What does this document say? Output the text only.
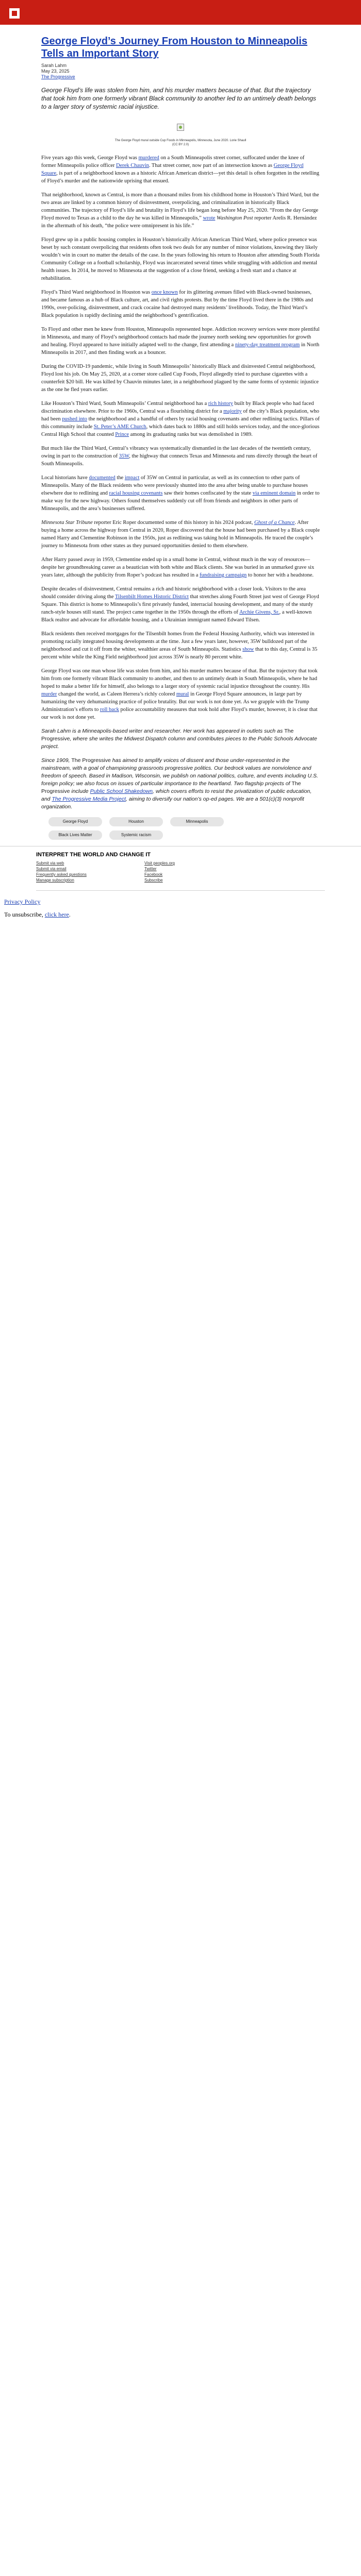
George Floyd’s Journey From Houston to Minneapolis Tells an Important Story
Sarah Lahm
May 23, 2025
The Progressive

George Floyd’s life was stolen from him, and his murder matters because of that. But the trajectory that took him from one formerly vibrant Black community to another led to an untimely death belongs to a larger story of systemic racial injustice.

The George Floyd mural outside Cup Foods in Minneapolis, Minnesota, June 2020. Lorie Shaull (CC BY 2.0)

Five years ago this week, George Floyd was murdered on a South Minneapolis street corner, suffocated under the knee of former Minneapolis police officer Derek Chauvin. That street corner, now part of an intersection known as George Floyd Square, is part of a neighborhood known as a historic African American district—yet this detail is often forgotten in the retelling of Floyd’s murder and the nationwide uprising that ensued.

That neighborhood, known as Central, is more than a thousand miles from his childhood home in Houston’s Third Ward, but the two areas are linked by a common history of disinvestment, overpolicing, and criminalization in historically Black communities. The trajectory of Floyd’s life and brutality in Floyd’s life began long before May 25, 2020. “From the day George Floyd moved to Texas as a child to the day he was killed in Minneapolis,” wrote Washington Post reporter Arelis R. Hernández in the aftermath of his death, “the police were omnipresent in his life.”

Floyd grew up in a public housing complex in Houston’s historically African American Third Ward, where police presence was beset by such constant overpolicing that residents often took two deals for any number of minor violations, knowing they likely wouldn’t win in court no matter the details of the case. In the years following his return to Houston after attending South Florida Community College on a football scholarship, Floyd was incarcerated several times while struggling with addiction and mental health issues. In 2014, he moved to Minnesota at the suggestion of a close friend, seeking a fresh start and a chance at rehabilitation.

Floyd’s Third Ward neighborhood in Houston was once known for its glittering avenues filled with Black-owned businesses, and became famous as a hub of Black culture, art, and civil rights protests. But by the time Floyd lived there in the 1980s and 1990s, over-policing, disinvestment, and crack cocaine had destroyed many residents’ livelihoods. Today, the Third Ward’s Black population is rapidly declining amid the neighborhood’s gentrification.

To Floyd and other men he knew from Houston, Minneapolis represented hope. Addiction recovery services were more plentiful in Minnesota, and many of Floyd’s neighborhood contacts had made the journey north seeking new opportunities for growth and healing. Floyd appeared to have initially adapted well to the change, first attending a ninety-day treatment program in North Minneapolis in 2017, and then finding work as a bouncer.

During the COVID-19 pandemic, while living in South Minneapolis’ historically Black and disinvested Central neighborhood, Floyd lost his job. On May 25, 2020, at a corner store called Cup Foods, Floyd allegedly tried to purchase cigarettes with a counterfeit $20 bill. He was killed by Chauvin minutes later, in a neighborhood plagued by the same forms of systemic injustice as the one he fled years earlier.

Like Houston’s Third Ward, South Minneapolis’ Central neighborhood has a rich history built by Black people who had faced discrimination elsewhere. Prior to the 1960s, Central was a flourishing district for a majority of the city’s Black population, who had been pushed into the neighborhood and a handful of others by racial housing covenants and other redlining tactics. Pillars of this community include St. Peter’s AME Church, which dates back to 1880s and still holds services today, and the once-glorious Central High School that counted Prince among its graduating ranks but was demolished in 1989.

But much like the Third Ward, Central’s vibrancy was systematically dismantled in the last decades of the twentieth century, owing in part to the construction of 35W, the highway that connects Texas and Minnesota and runs directly through the heart of South Minneapolis.

Local historians have documented the impact of 35W on Central in particular, as well as its connection to other parts of Minneapolis. Many of the Black residents who were previously shunted into the area after being unable to purchase houses elsewhere due to redlining and racial housing covenants saw their homes confiscated by the state via eminent domain in order to make way for the new highway. Others found themselves suddenly cut off from friends and neighbors in other parts of Minneapolis, and the area’s businesses suffered.

Minnesota Star Tribune reporter Eric Roper documented some of this history in his 2024 podcast, Ghost of a Chance. After buying a home across the highway from Central in 2020, Roper discovered that the house had been purchased by a Black couple named Harry and Clementine Robinson in the 1950s, just as redlining was taking hold in Minneapolis. He traced the couple’s journey to Minnesota from other states as they pursued opportunities denied to them elsewhere.

After Harry passed away in 1959, Clementine ended up in a small home in Central, without much in the way of resources—despite her groundbreaking career as a beautician with both white and Black clients. She was buried in an unmarked grave six years later, although the publicity from Roper’s podcast has resulted in a fundraising campaign to honor her with a headstone.

Despite decades of disinvestment, Central remains a rich and historic neighborhood with a closer look. Visitors to the area should consider driving along the Tilsenbilt Homes Historic District that stretches along Fourth Street just west of George Floyd Square. This district is home to Minneapolis’s first privately funded, interracial housing development, and many of the sturdy ranch-style houses still stand. The project came together in the 1950s through the efforts of Archie Givens, Sr., a well-known Black realtor and advocate for affordable housing, and a Ukrainian immigrant named Edward Tilsen.

Black residents then received mortgages for the Tilsenbilt homes from the Federal Housing Authority, which was interested in promoting racially integrated housing developments at the time. Just a few years later, however, 35W bulldozed part of the neighborhood and cut it off from the whiter, wealthier areas of South Minneapolis. Statistics show that to this day, Central is 35 percent white while the King Field neighborhood just across 35W is nearly 80 percent white.

George Floyd was one man whose life was stolen from him, and his murder matters because of that. But the trajectory that took him from one formerly vibrant Black community to another, and then to an untimely death in South Minneapolis, where he had hoped to make a better life for himself, also belongs to a larger story of systemic racial injustice throughout the country. His murder changed the world, as Caleen Herrera’s richly colored mural in George Floyd Square announces, in large part by humanizing the very dehumanizing practice of police brutality. But our work is not done yet. As we grapple with the Trump Administration’s efforts to roll back police accountability measures that took hold after Floyd’s murder, however, it is clear that our work is not done yet.

Sarah Lahm is a Minneapolis-based writer and researcher. Her work has appeared in outlets such as The Progressive, where she writes the Midwest Dispatch column and contributes pieces to the Public Schools Advocate project.

Since 1909, The Progressive has aimed to amplify voices of dissent and those under-represented in the mainstream, with a goal of championing grassroots progressive politics. Our bedrock values are nonviolence and freedom of speech. Based in Madison, Wisconsin, we publish on national politics, culture, and events including U.S. foreign policy; we also focus on issues of particular importance to the heartland. Two flagship projects of The Progressive include Public School Shakedown, which covers efforts to resist the privatization of public education, and The Progressive Media Project, aiming to diversify our nation’s op-ed pages. We are a 501(c)(3) nonprofit organization.

George Floyd	Houston	Minneapolis
Black Lives Matter	Systemic racism
INTERPRET THE WORLD AND CHANGE IT
Submit via web	Visit peoples.org
Submit via email	Twitter
Frequently asked questions	Facebook
Manage subscription	Subscribe
Privacy Policy
To unsubscribe, click here.
